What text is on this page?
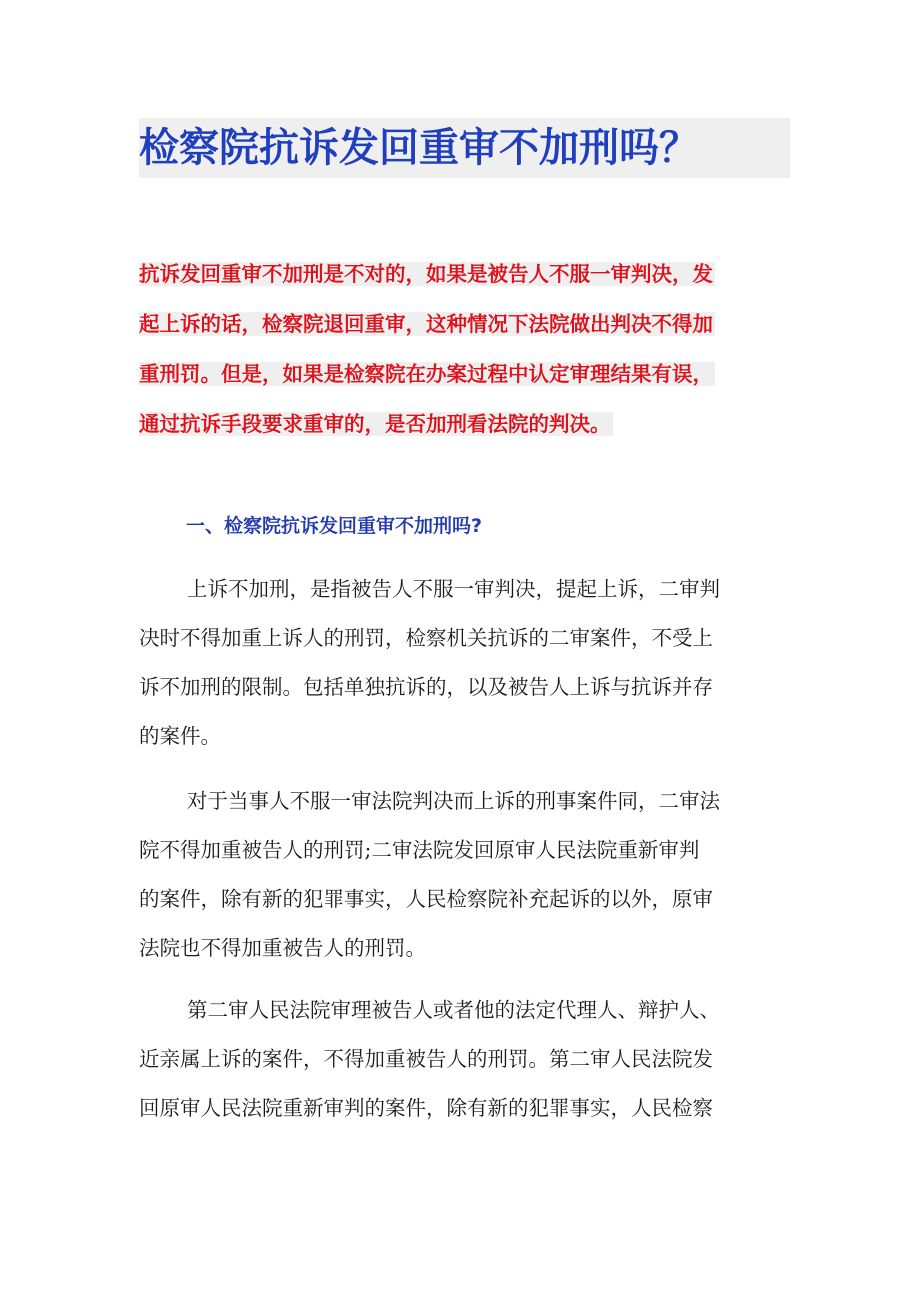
检察院抗诉发回重审不加刑吗？
抗诉发回重审不加刑是不对的，如果是被告人不服一审判决，发
起上诉的话，检察院退回重审，这种情况下法院做出判决不得加
重刑罚。但是，如果是检察院在办案过程中认定审理结果有误，
通过抗诉手段要求重审的，是否加刑看法院的判决。
一、检察院抗诉发回重审不加刑吗?
上诉不加刑，是指被告人不服一审判决，提起上诉，二审判
决时不得加重上诉人的刑罚，检察机关抗诉的二审案件，不受上
诉不加刑的限制。包括单独抗诉的，以及被告人上诉与抗诉并存
的案件。
对于当事人不服一审法院判决而上诉的刑事案件同，二审法
院不得加重被告人的刑罚;二审法院发回原审人民法院重新审判
的案件，除有新的犯罪事实，人民检察院补充起诉的以外，原审
法院也不得加重被告人的刑罚。
第二审人民法院审理被告人或者他的法定代理人、辩护人、
近亲属上诉的案件，不得加重被告人的刑罚。第二审人民法院发
回原审人民法院重新审判的案件，除有新的犯罪事实，人民检察
